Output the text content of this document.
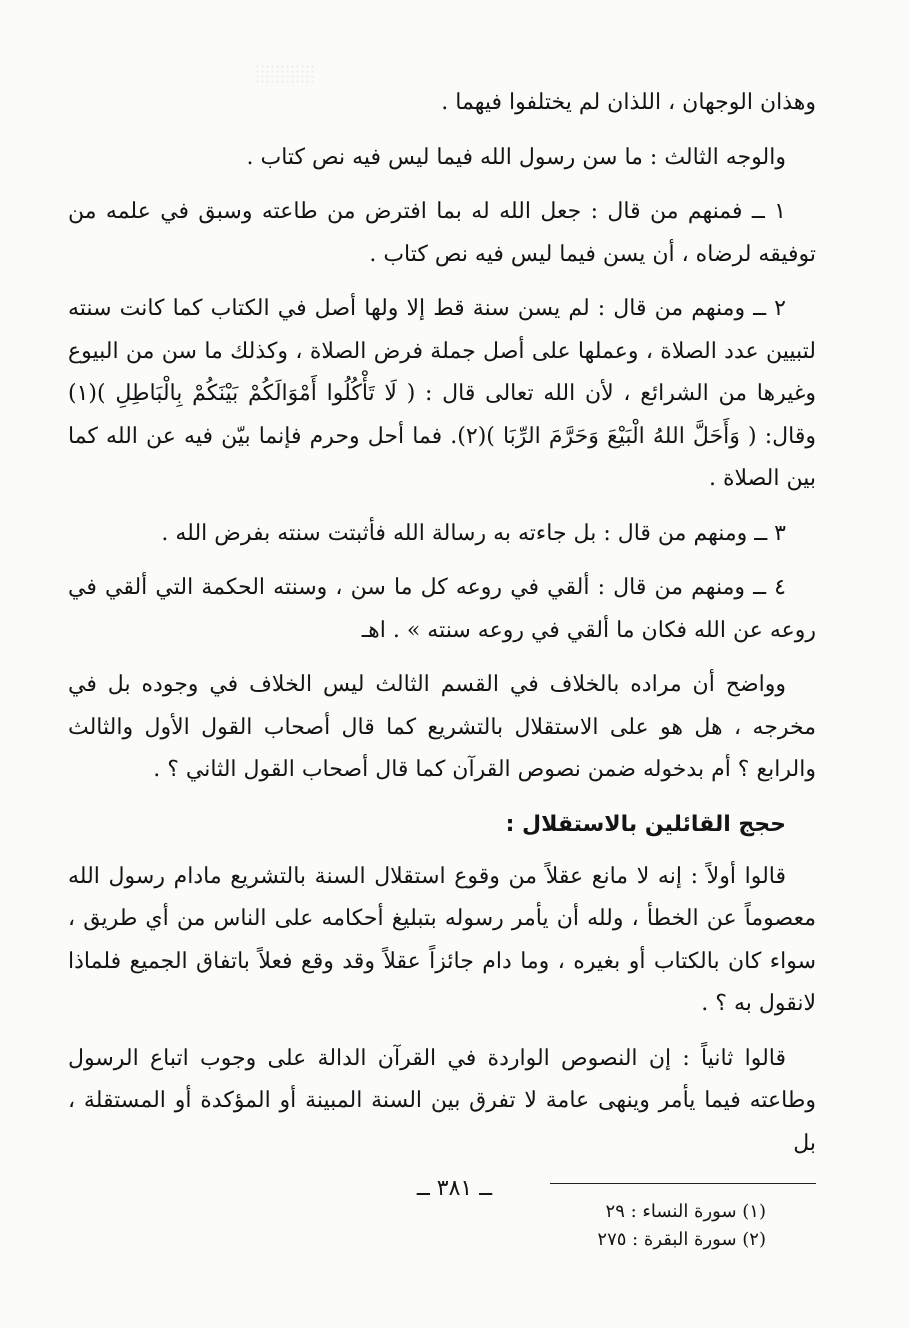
وهذان الوجهان ، اللذان لم يختلفوا فيهما .

والوجه الثالث : ما سن رسول الله فيما ليس فيه نص كتاب .

١ ــ فمنهم من قال : جعل الله له بما افترض من طاعته وسبق في علمه من توفيقه لرضاه ، أن يسن فيما ليس فيه نص كتاب .

٢ ــ ومنهم من قال : لم يسن سنة قط إلا ولها أصل في الكتاب كما كانت سنته لتبيين عدد الصلاة ، وعملها على أصل جملة فرض الصلاة ، وكذلك ما سن من البيوع وغيرها من الشرائع ، لأن الله تعالى قال : ( لَا تَأْكُلُوا أَمْوَالَكُمْ بَيْنَكُمْ بِالْبَاطِلِ )(١) وقال: ( وَأَحَلَّ اللهُ الْبَيْعَ وَحَرَّمَ الرِّبَا )(٢). فما أحل وحرم فإنما بيّن فيه عن الله كما بين الصلاة .

٣ ــ ومنهم من قال : بل جاءته به رسالة الله فأثبتت سنته بفرض الله .

٤ ــ ومنهم من قال : ألقي في روعه كل ما سن ، وسنته الحكمة التي ألقي في روعه عن الله فكان ما ألقي في روعه سنته » . اهـ

وواضح أن مراده بالخلاف في القسم الثالث ليس الخلاف في وجوده بل في مخرجه ، هل هو على الاستقلال بالتشريع كما قال أصحاب القول الأول والثالث والرابع ؟ أم بدخوله ضمن نصوص القرآن كما قال أصحاب القول الثاني ؟ .

حجج القائلين بالاستقلال :

قالوا أولاً : إنه لا مانع عقلاً من وقوع استقلال السنة بالتشريع مادام رسول الله معصوماً عن الخطأ ، ولله أن يأمر رسوله بتبليغ أحكامه على الناس من أي طريق ، سواء كان بالكتاب أو بغيره ، وما دام جائزاً عقلاً وقد وقع فعلاً باتفاق الجميع فلماذا لانقول به ؟ .

قالوا ثانياً : إن النصوص الواردة في القرآن الدالة على وجوب اتباع الرسول وطاعته فيما يأمر وينهى عامة لا تفرق بين السنة المبينة أو المؤكدة أو المستقلة ، بل

(١) سورة النساء : ٢٩
(٢) سورة البقرة : ٢٧٥
ــ ٣٨١ ــ
